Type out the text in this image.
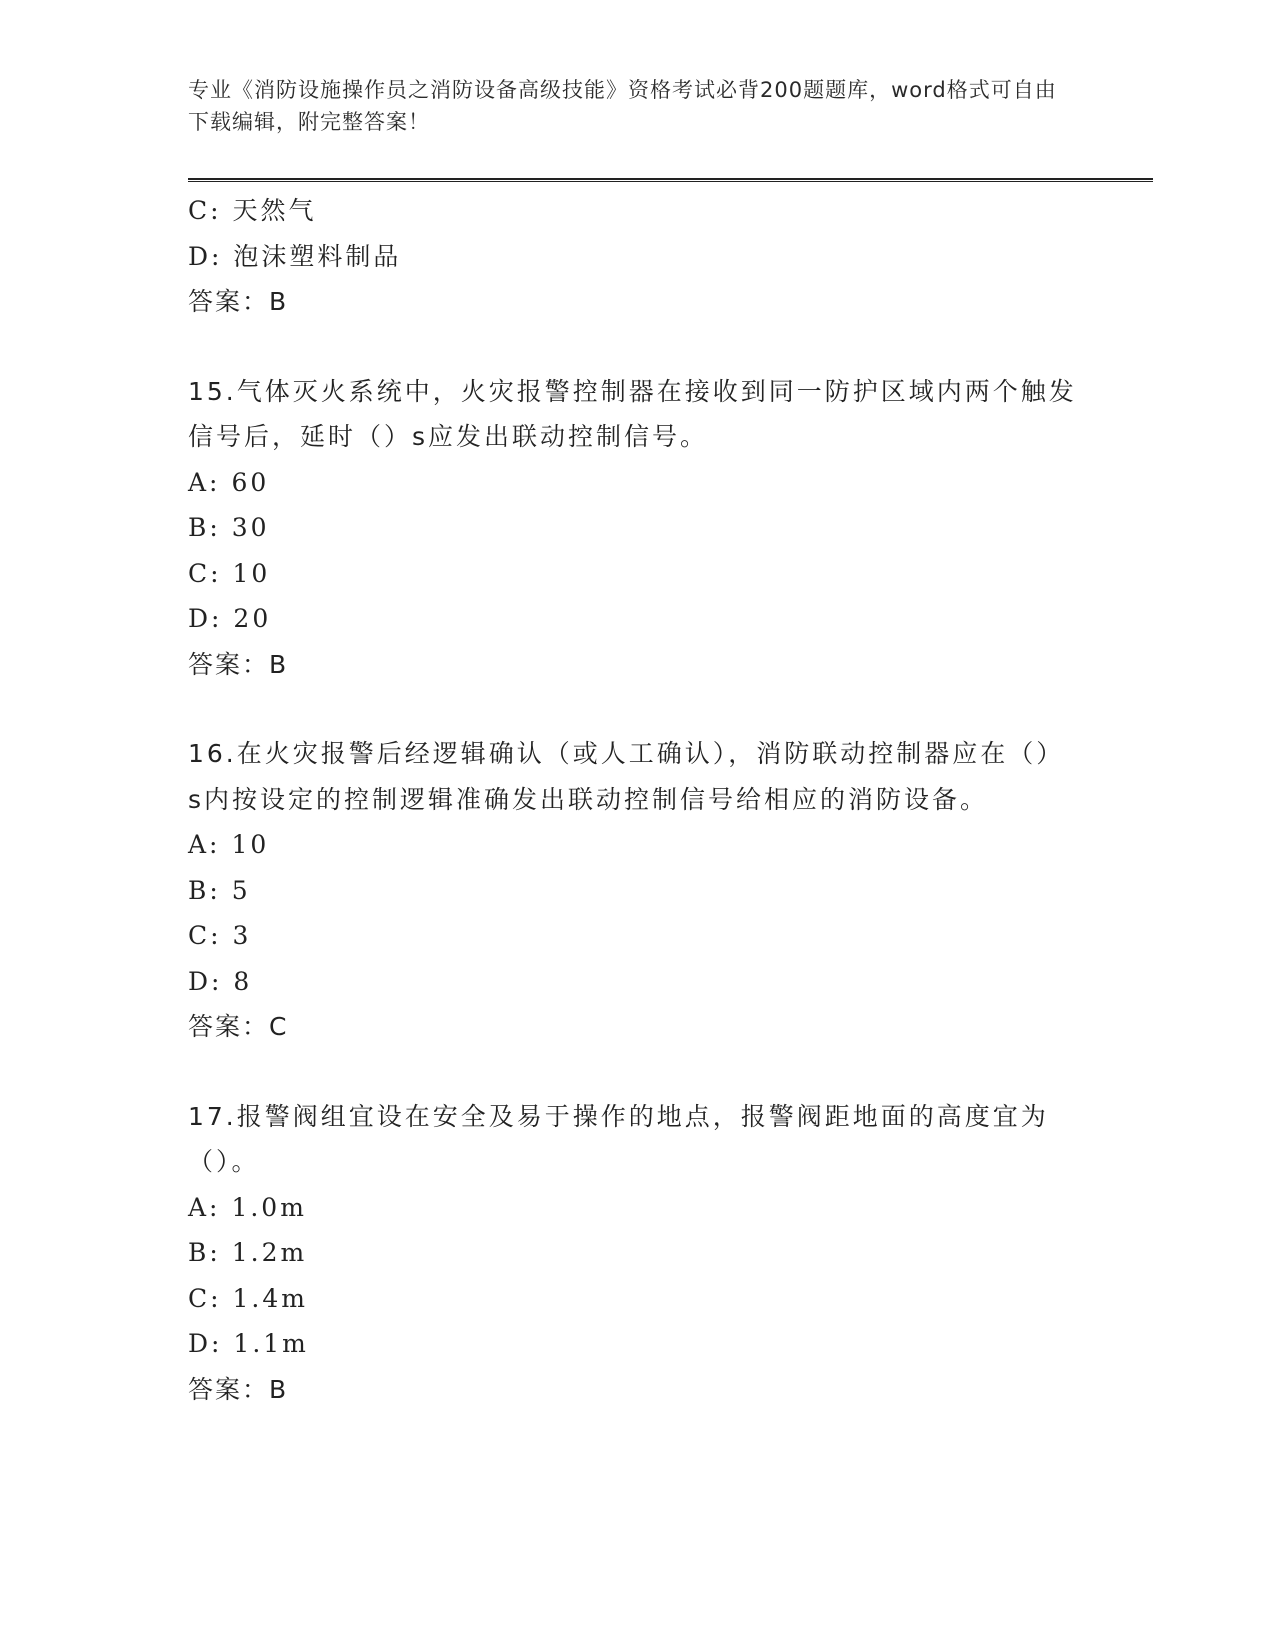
专业《消防设施操作员之消防设备高级技能》资格考试必背200题题库，word格式可自由下载编辑，附完整答案！
C: 天然气
D: 泡沫塑料制品
答案：B
15.气体灭火系统中，火灾报警控制器在接收到同一防护区域内两个触发信号后，延时（）s应发出联动控制信号。
A: 60
B: 30
C: 10
D: 20
答案：B
16.在火灾报警后经逻辑确认（或人工确认），消防联动控制器应在（）s内按设定的控制逻辑准确发出联动控制信号给相应的消防设备。
A: 10
B: 5
C: 3
D: 8
答案：C
17.报警阀组宜设在安全及易于操作的地点，报警阀距地面的高度宜为（）。
A: 1.0m
B: 1.2m
C: 1.4m
D: 1.1m
答案：B
